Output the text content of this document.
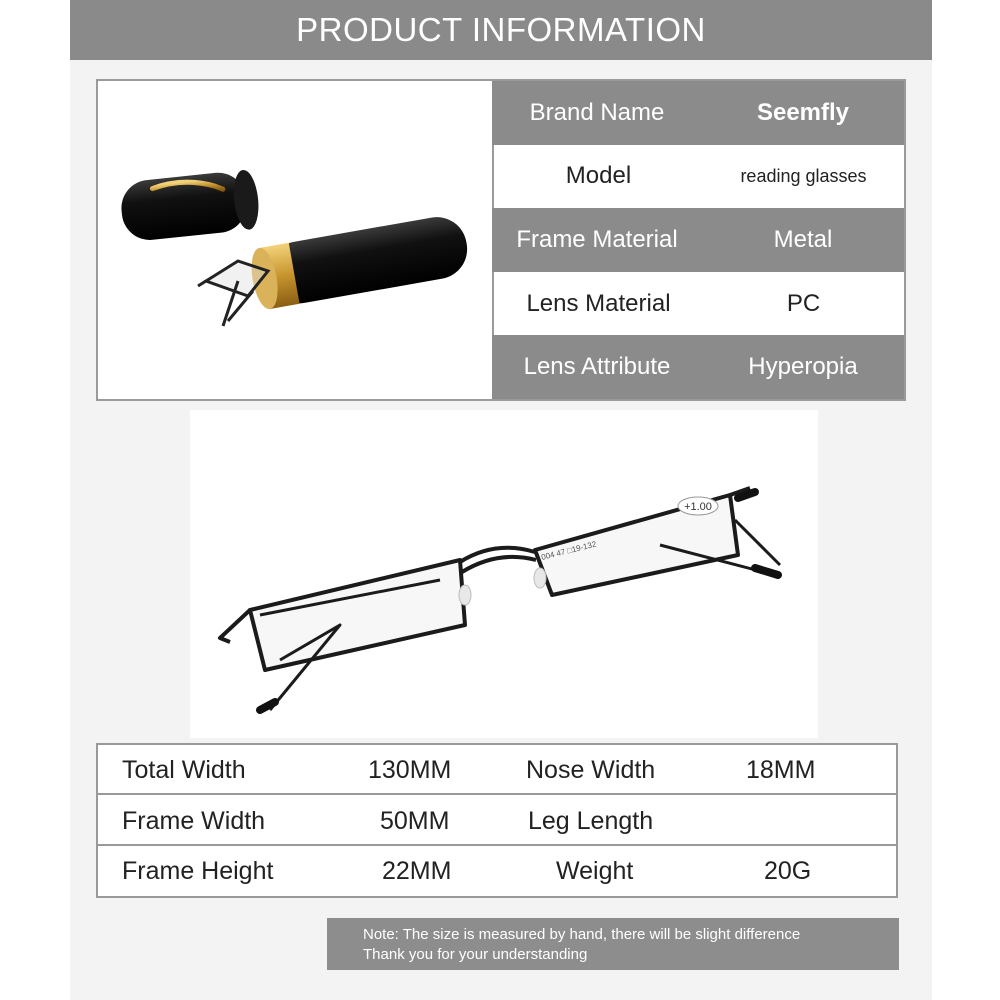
PRODUCT INFORMATION
Brand Name	Seemfly
Model	reading glasses
Frame Material	Metal
Lens Material	PC
Lens Attribute	Hyperopia
+1.00
004 47 □19-132
Total Width	130MM	Nose Width	18MM
Frame Width	50MM	Leg Length
Frame Height	22MM	Weight	20G
Note: The size is measured by hand, there will be slight difference
Thank you for your understanding
